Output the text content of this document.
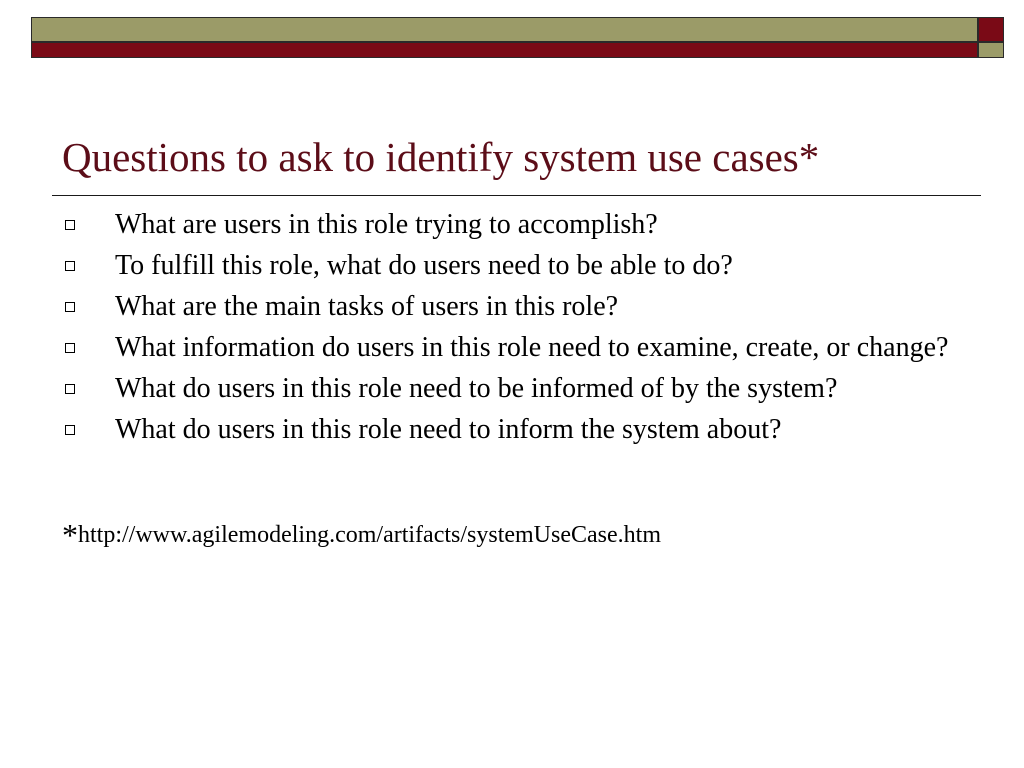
Questions to ask to identify system use cases*
What are users in this role trying to accomplish?
To fulfill this role, what do users need to be able to do?
What are the main tasks of users in this role?
What information do users in this role need to examine, create, or change?
What do users in this role need to be informed of by the system?
What do users in this role need to inform the system about?
*http://www.agilemodeling.com/artifacts/systemUseCase.htm
